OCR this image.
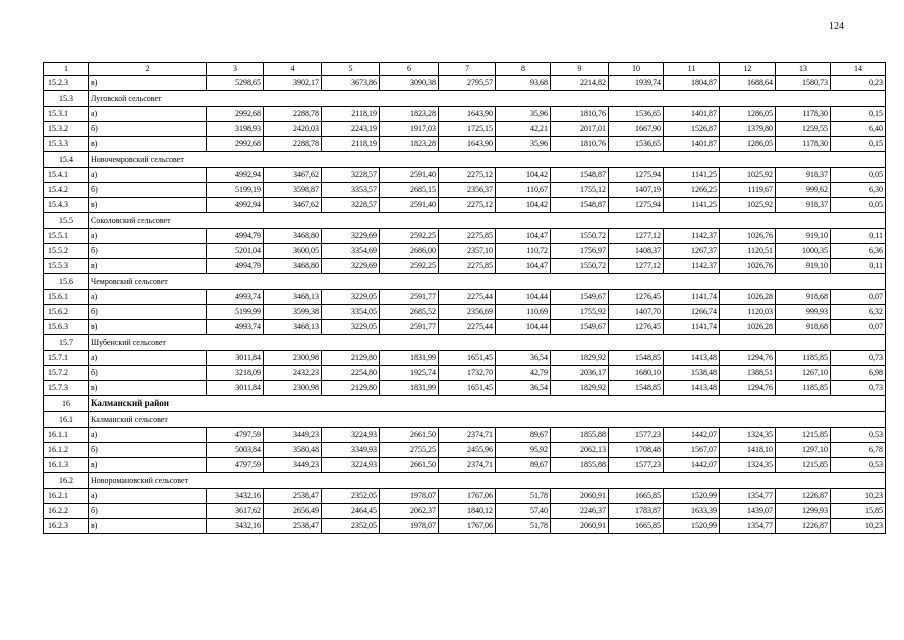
124
1	2	3	4	5	6	7	8	9	10	11	12	13	14
15.2.3	в)	5298,65	3902,17	3673,86	3090,38	2795,57	93,68	2214,82	1939,74	1804,87	1688,64	1580,73	0,23
15.3	Луговской сельсовет												
15.3.1	а)	2992,68	2288,78	2118,19	1823,28	1643,90	35,96	1810,76	1536,65	1401,87	1286,05	1178,30	0,15
15.3.2	б)	3198,93	2420,03	2243,19	1917,03	1725,15	42,21	2017,01	1667,90	1526,87	1379,80	1259,55	6,40
15.3.3	в)	2992,68	2288,78	2118,19	1823,28	1643,90	35,96	1810,76	1536,65	1401,87	1286,05	1178,30	0,15
15.4	Новочемровский сельсовет												
15.4.1	а)	4992,94	3467,62	3228,57	2591,40	2275,12	104,42	1548,87	1275,94	1141,25	1025,92	918,37	0,05
15.4.2	б)	5199,19	3598,87	3353,57	2685,15	2356,37	110,67	1755,12	1407,19	1266,25	1119,67	999,62	6,30
15.4.3	в)	4992,94	3467,62	3228,57	2591,40	2275,12	104,42	1548,87	1275,94	1141,25	1025,92	918,37	0,05
15.5	Соколовский сельсовет												
15.5.1	а)	4994,79	3468,80	3229,69	2592,25	2275,85	104,47	1550,72	1277,12	1142,37	1026,76	919,10	0,11
15.5.2	б)	5201,04	3600,05	3354,69	2686,00	2357,10	110,72	1756,97	1408,37	1267,37	1120,51	1000,35	6,36
15.5.3	в)	4994,79	3468,80	3229,69	2592,25	2275,85	104,47	1550,72	1277,12	1142,37	1026,76	919,10	0,11
15.6	Чемровский сельсовет												
15.6.1	а)	4993,74	3468,13	3229,05	2591,77	2275,44	104,44	1549,67	1276,45	1141,74	1026,28	918,68	0,07
15.6.2	б)	5199,99	3599,38	3354,05	2685,52	2356,69	110,69	1755,92	1407,70	1266,74	1120,03	999,93	6,32
15.6.3	в)	4993,74	3468,13	3229,05	2591,77	2275,44	104,44	1549,67	1276,45	1141,74	1026,28	918,68	0,07
15.7	Шубенский сельсовет												
15.7.1	а)	3011,84	2300,98	2129,80	1831,99	1651,45	36,54	1829,92	1548,85	1413,48	1294,76	1185,85	0,73
15.7.2	б)	3218,09	2432,23	2254,80	1925,74	1732,70	42,79	2036,17	1680,10	1538,48	1388,51	1267,10	6,98
15.7.3	в)	3011,84	2300,98	2129,80	1831,99	1651,45	36,54	1829,92	1548,85	1413,48	1294,76	1185,85	0,73
16	Калманский район												
16.1	Калманский сельсовет												
16.1.1	а)	4797,59	3449,23	3224,93	2661,50	2374,71	89,67	1855,88	1577,23	1442,07	1324,35	1215,85	0,53
16.1.2	б)	5003,84	3580,48	3349,93	2755,25	2455,96	95,92	2062,13	1708,48	1567,07	1418,10	1297,10	6,78
16.1.3	в)	4797,59	3449,23	3224,93	2661,50	2374,71	89,67	1855,88	1577,23	1442,07	1324,35	1215,85	0,53
16.2	Новоромановский сельсовет												
16.2.1	а)	3432,16	2538,47	2352,05	1978,07	1767,06	51,78	2060,91	1665,85	1520,99	1354,77	1226,87	10,23
16.2.2	б)	3617,62	2656,49	2464,45	2062,37	1840,12	57,40	2246,37	1783,87	1633,39	1439,07	1299,93	15,85
16.2.3	в)	3432,16	2538,47	2352,05	1978,07	1767,06	51,78	2060,91	1665,85	1520,99	1354,77	1226,87	10,23
